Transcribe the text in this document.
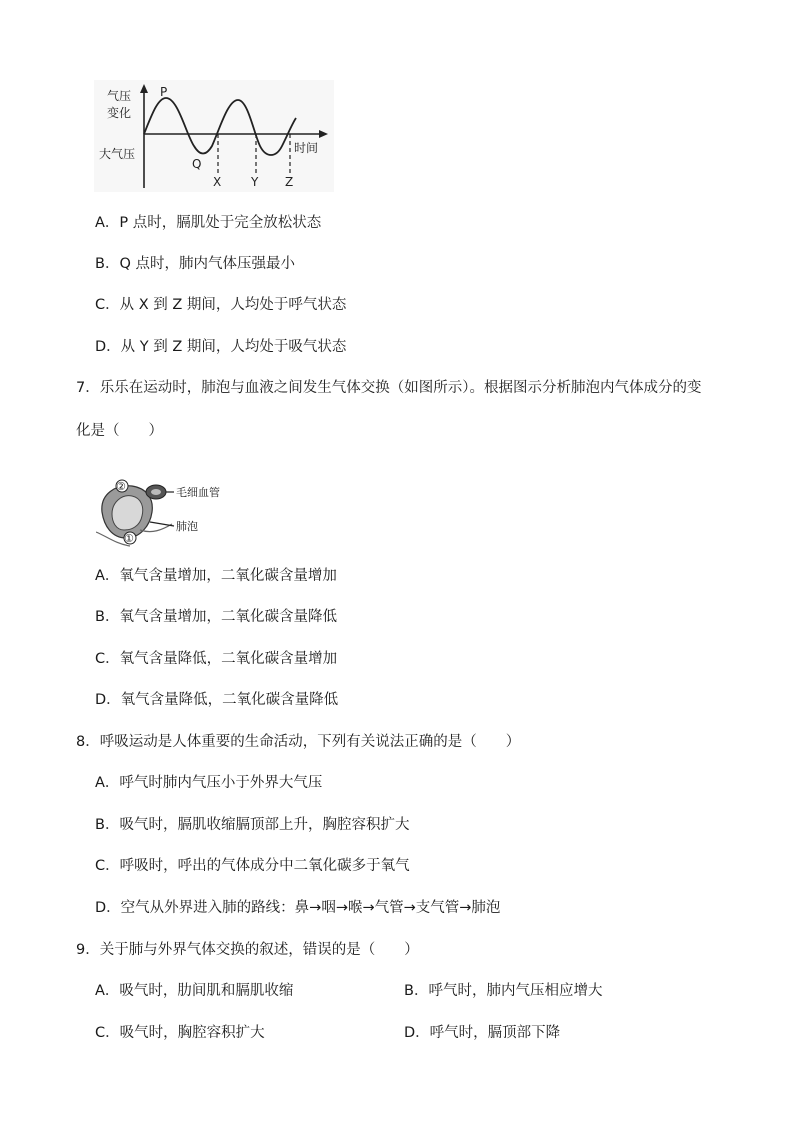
气压
变化
大气压	时间
P
Q
X Y Z
A．P 点时，膈肌处于完全放松状态
B．Q 点时，肺内气体压强最小
C．从 X 到 Z 期间，人均处于呼气状态
D．从 Y 到 Z 期间，人均处于吸气状态
7．乐乐在运动时，肺泡与血液之间发生气体交换（如图所示）。根据图示分析肺泡内气体成分的变
化是（　　）
②
①
毛细血管
肺泡
A．氧气含量增加，二氧化碳含量增加
B．氧气含量增加，二氧化碳含量降低
C．氧气含量降低，二氧化碳含量增加
D．氧气含量降低，二氧化碳含量降低
8．呼吸运动是人体重要的生命活动，下列有关说法正确的是（　　）
A．呼气时肺内气压小于外界大气压
B．吸气时，膈肌收缩膈顶部上升，胸腔容积扩大
C．呼吸时，呼出的气体成分中二氧化碳多于氧气
D．空气从外界进入肺的路线：鼻→咽→喉→气管→支气管→肺泡
9．关于肺与外界气体交换的叙述，错误的是（　　）
A．吸气时，肋间肌和膈肌收缩	B．呼气时，肺内气压相应增大
C．吸气时，胸腔容积扩大	D．呼气时，膈顶部下降
